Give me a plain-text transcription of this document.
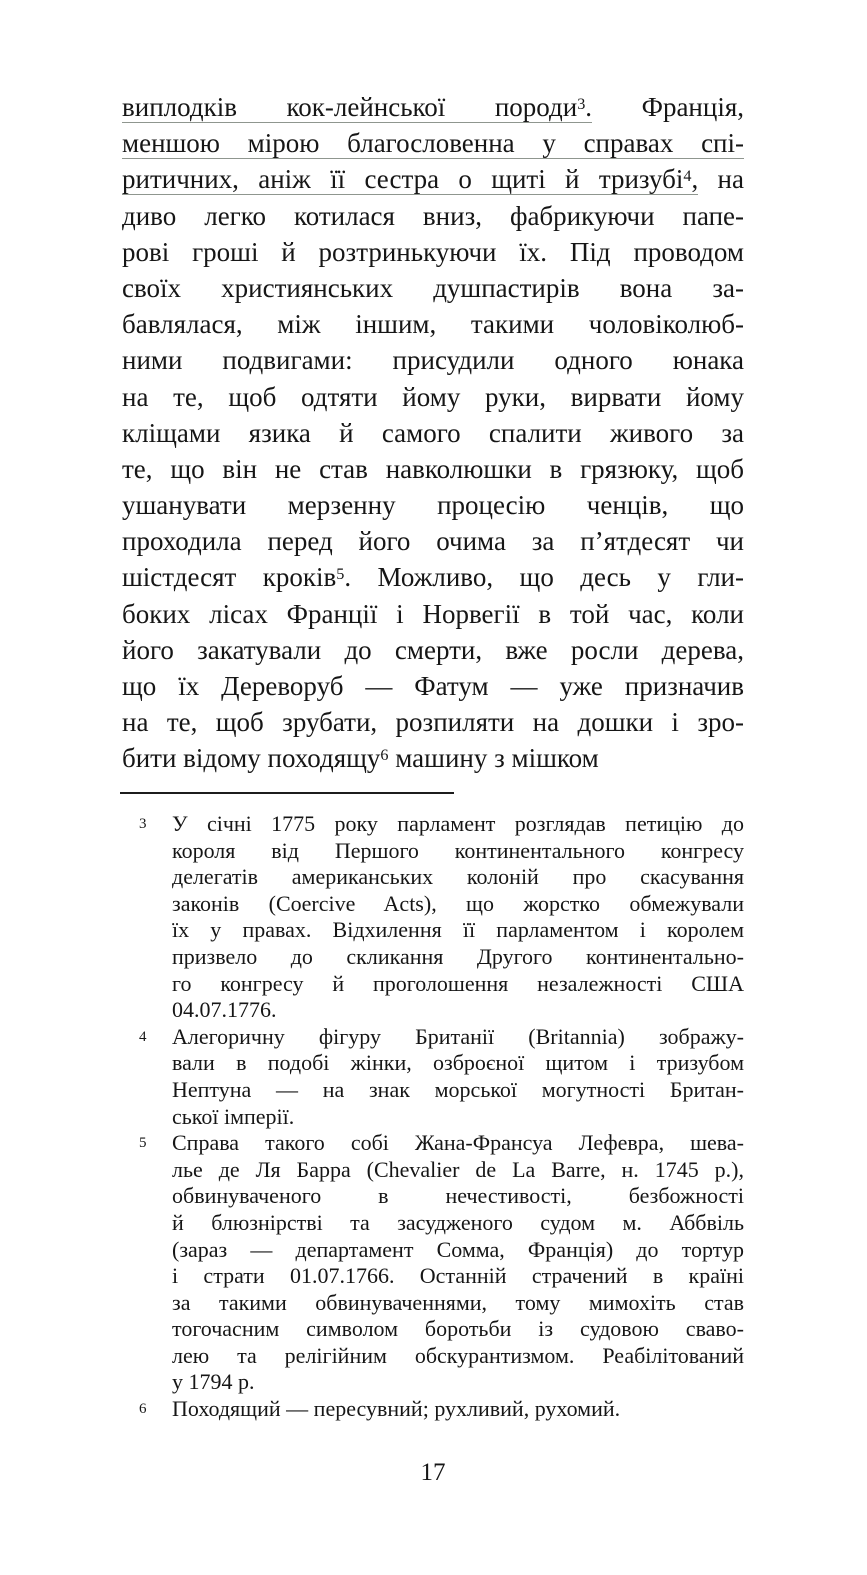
виплодків кок-лейнської породи3. Франція,
меншою мірою благословенна у справах спі-
ритичних, аніж її сестра о щиті й тризубі4, на
диво легко котилася вниз, фабрикуючи папе-
рові гроші й розтринькуючи їх. Під проводом
своїх християнських душпастирів вона за-
бавлялася, між іншим, такими чоловіколюб-
ними подвигами: присудили одного юнака
на те, щоб одтяти йому руки, вирвати йому
кліщами язика й самого спалити живого за
те, що він не став навколюшки в грязюку, щоб
ушанувати мерзенну процесію ченців, що
проходила перед його очима за п’ятдесят чи
шістдесят кроків5. Можливо, що десь у гли-
боких лісах Франції і Норвегії в той час, коли
його закатували до смерти, вже росли дерева,
що їх Дереворуб — Фатум — уже призначив
на те, щоб зрубати, розпиляти на дошки і зро-
бити відому походящу6 машину з мішком
3 У січні 1775 року парламент розглядав петицію до
короля від Першого континентального конгресу
делегатів американських колоній про скасування
законів (Coercive Acts), що жорстко обмежували
їх у правах. Відхилення її парламентом і королем
призвело до скликання Другого континентально-
го конгресу й проголошення незалежності США
04.07.1776.
4 Алегоричну фігуру Британії (Britannia) зображу-
вали в подобі жінки, озброєної щитом і тризубом
Нептуна — на знак морської могутності Британ-
ської імперії.
5 Справа такого собі Жана-Франсуа Лефевра, шева-
лье де Ля Барра (Chevalier de La Barre, н. 1745 р.),
обвинуваченого в нечестивості, безбожності
й блюзнірстві та засудженого судом м. Аббвіль
(зараз — департамент Сомма, Франція) до тортур
і страти 01.07.1766. Останній страчений в країні
за такими обвинуваченнями, тому мимохіть став
тогочасним символом боротьби із судовою сваво-
лею та релігійним обскурантизмом. Реабілітований
у 1794 р.
6 Походящий — пересувний; рухливий, рухомий.
17
